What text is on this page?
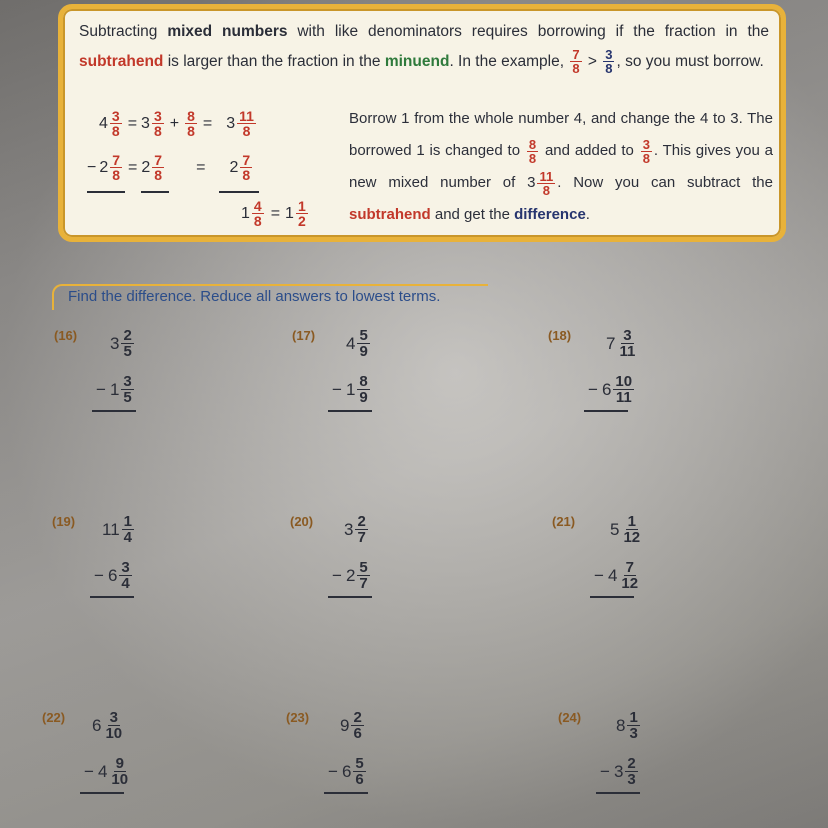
Subtracting mixed numbers with like denominators requires borrowing if the fraction in the subtrahend is larger than the fraction in the minuend. In the example, $\frac{7}{8} > \frac{3}{8}$ , so you must borrow.
$4 \frac{3}{8} = 3 \frac{3}{8} + \frac{8}{8} = 3 \frac{11}{8}$
− $2 \frac{7}{8} = 2 \frac{7}{8} = 2 \frac{7}{8}$
$1 \frac{4}{8} = 1 \frac{1}{2}$
Borrow 1 from the whole number 4, and change the 4 to 3. The borrowed 1 is changed to $\frac{8}{8}$ and added to $\frac{3}{8}$ . This gives you a new mixed number of $3 \frac{11}{8}$ . Now you can subtract the subtrahend and get the difference.
Find the difference. Reduce all answers to lowest terms.
(16) $3 \frac{2}{5}$
− $1 \frac{3}{5}$
(17) $4 \frac{5}{9}$
− $1 \frac{8}{9}$
(18) $7 \frac{3}{11}$
− $6 \frac{10}{11}$
(19) $11 \frac{1}{4}$
− $6 \frac{3}{4}$
(20) $3 \frac{2}{7}$
− $2 \frac{5}{7}$
(21) $5 \frac{1}{12}$
− $4 \frac{7}{12}$
(22) $6 \frac{3}{10}$
− $4 \frac{9}{10}$
(23) $9 \frac{2}{6}$
− $6 \frac{5}{6}$
(24) $8 \frac{1}{3}$
− $3 \frac{2}{3}$
